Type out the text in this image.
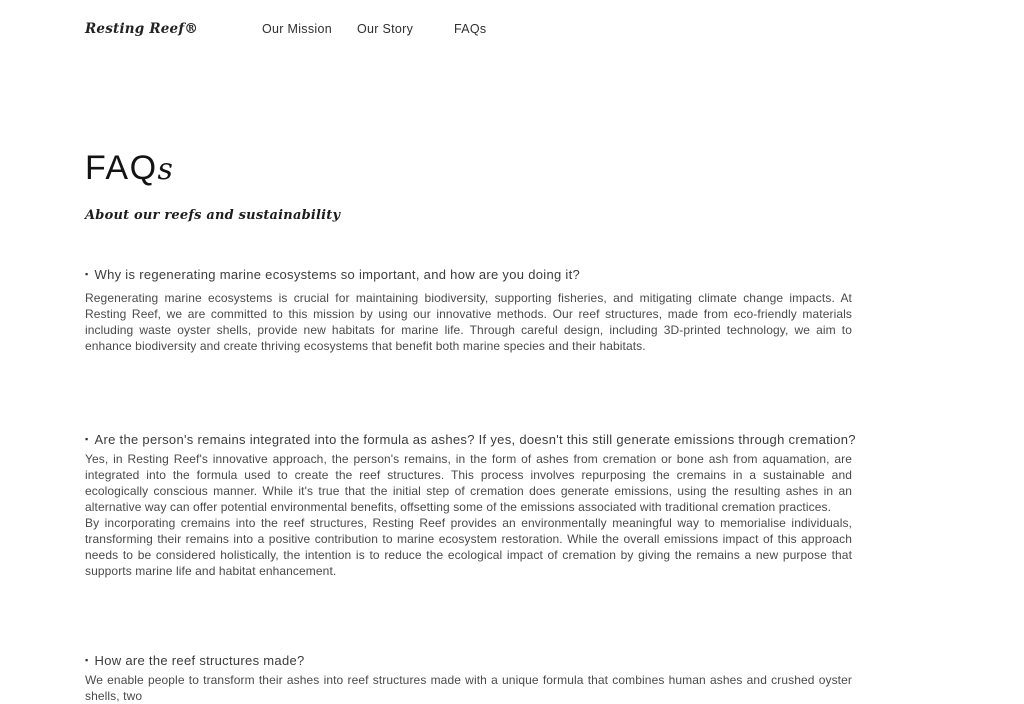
Resting Reef®	Our Mission Our Story	FAQs
FAQs

About our reefs and sustainability

▪ Why is regenerating marine ecosystems so important, and how are you doing it?

Regenerating marine ecosystems is crucial for maintaining biodiversity, supporting fisheries, and mitigating climate change impacts. At Resting Reef, we are committed to this mission by using our innovative methods. Our reef structures, made from eco-friendly materials including waste oyster shells, provide new habitats for marine life. Through careful design, including 3D-printed technology, we aim to enhance biodiversity and create thriving ecosystems that benefit both marine species and their habitats.

▪ Are the person's remains integrated into the formula as ashes? If yes, doesn't this still generate emissions through cremation?

Yes, in Resting Reef's innovative approach, the person's remains, in the form of ashes from cremation or bone ash from aquamation, are integrated into the formula used to create the reef structures. This process involves repurposing the cremains in a sustainable and ecologically conscious manner. While it's true that the initial step of cremation does generate emissions, using the resulting ashes in an alternative way can offer potential environmental benefits, offsetting some of the emissions associated with traditional cremation practices.

By incorporating cremains into the reef structures, Resting Reef provides an environmentally meaningful way to memorialise individuals, transforming their remains into a positive contribution to marine ecosystem restoration. While the overall emissions impact of this approach needs to be considered holistically, the intention is to reduce the ecological impact of cremation by giving the remains a new purpose that supports marine life and habitat enhancement.

▪ How are the reef structures made?

We enable people to transform their ashes into reef structures made with a unique formula that combines human ashes and crushed oyster shells, two
